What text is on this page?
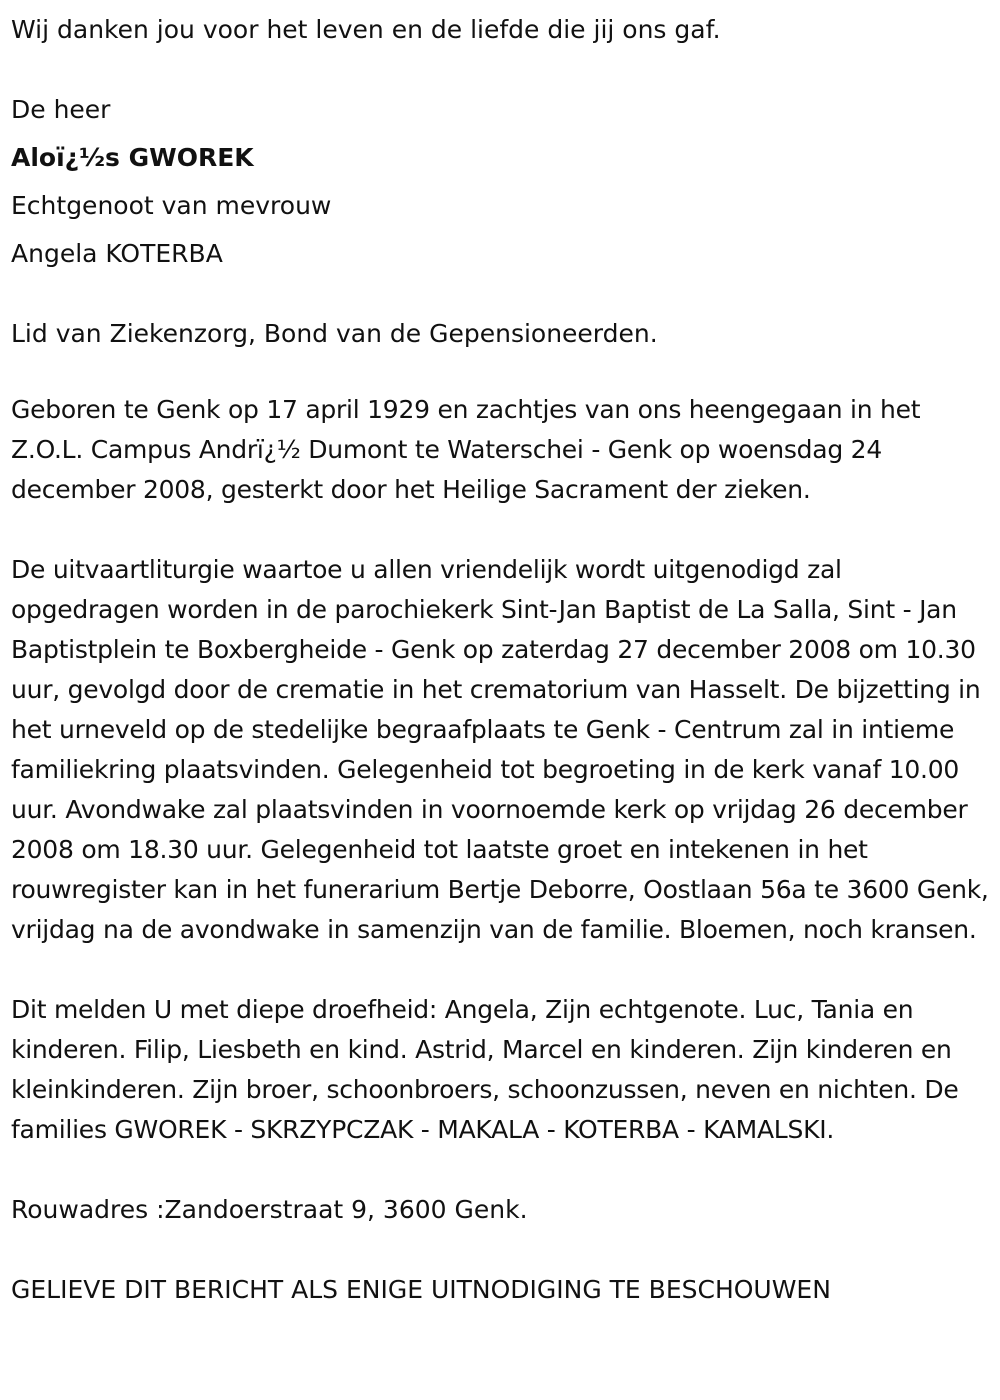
Wij danken jou voor het leven en de liefde die jij ons gaf.

De heer

Aloï¿½s GWOREK

Echtgenoot van mevrouw

Angela KOTERBA

Lid van Ziekenzorg, Bond van de Gepensioneerden.

Geboren te Genk op 17 april 1929 en zachtjes van ons heengegaan in het Z.O.L. Campus Andrï¿½ Dumont te Waterschei - Genk op woensdag 24 december 2008, gesterkt door het Heilige Sacrament der zieken.

De uitvaartliturgie waartoe u allen vriendelijk wordt uitgenodigd zal opgedragen worden in de parochiekerk Sint-Jan Baptist de La Salla, Sint - Jan Baptistplein te Boxbergheide - Genk op zaterdag 27 december 2008 om 10.30 uur, gevolgd door de crematie in het crematorium van Hasselt. De bijzetting in het urneveld op de stedelijke begraafplaats te Genk - Centrum zal in intieme familiekring plaatsvinden. Gelegenheid tot begroeting in de kerk vanaf 10.00 uur. Avondwake zal plaatsvinden in voornoemde kerk op vrijdag 26 december 2008 om 18.30 uur. Gelegenheid tot laatste groet en intekenen in het rouwregister kan in het funerarium Bertje Deborre, Oostlaan 56a te 3600 Genk, vrijdag na de avondwake in samenzijn van de familie. Bloemen, noch kransen.

Dit melden U met diepe droefheid: Angela, Zijn echtgenote. Luc, Tania en kinderen. Filip, Liesbeth en kind. Astrid, Marcel en kinderen. Zijn kinderen en kleinkinderen. Zijn broer, schoonbroers, schoonzussen, neven en nichten. De families GWOREK - SKRZYPCZAK - MAKALA - KOTERBA - KAMALSKI.

Rouwadres :Zandoerstraat 9, 3600 Genk.

GELIEVE DIT BERICHT ALS ENIGE UITNODIGING TE BESCHOUWEN
